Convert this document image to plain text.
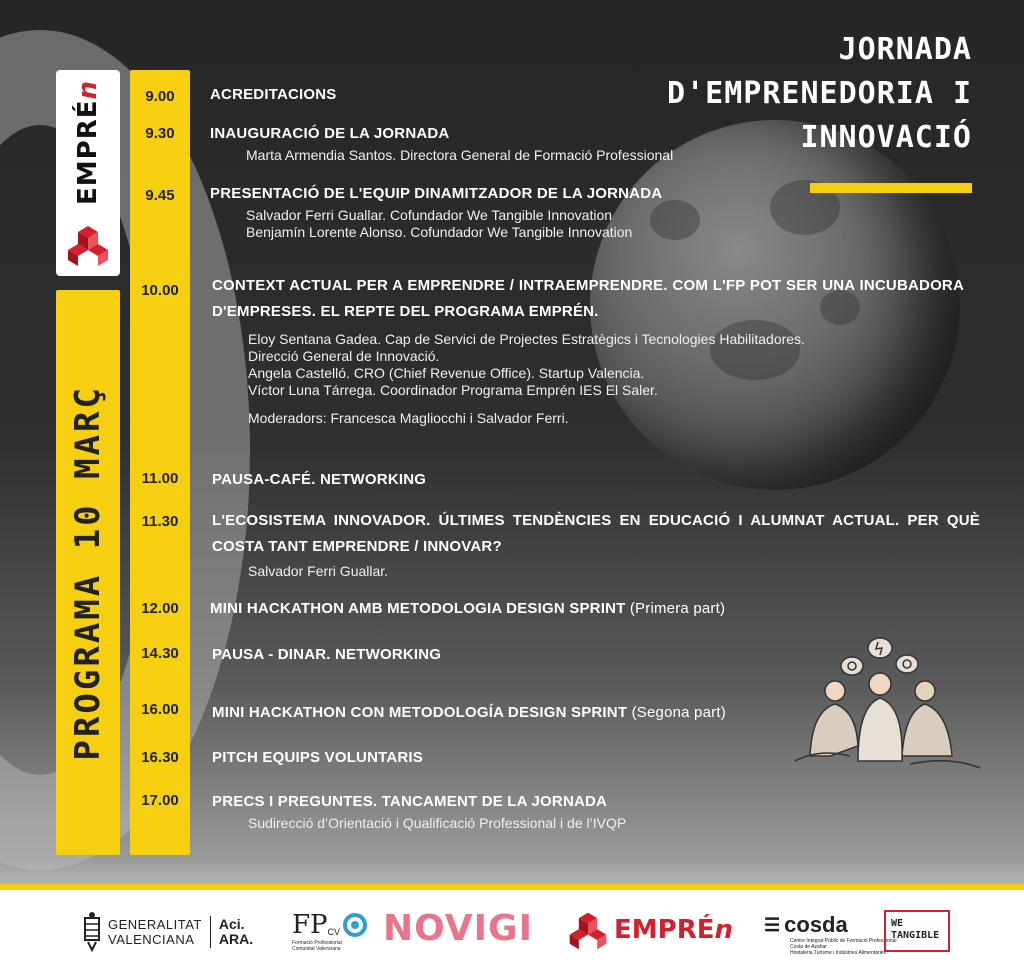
JORNADA
D'EMPRENEDORIA I
INNOVACIÓ
EMPRÉn
PROGRAMA 10 MARÇ
9.00
9.30
9.45
10.00
11.00
11.30
12.00
14.30
16.00
16.30
17.00
ACREDITACIONS
INAUGURACIÓ DE LA JORNADA
Marta Armendia Santos. Directora General de Formació Professional
PRESENTACIÓ DE L'EQUIP DINAMITZADOR DE LA JORNADA
Salvador Ferri Guallar. Cofundador We Tangible Innovation
Benjamín Lorente Alonso. Cofundador We Tangible Innovation
CONTEXT ACTUAL PER A EMPRENDRE / INTRAEMPRENDRE. COM L'FP POT SER UNA INCUBADORA D'EMPRESES. EL REPTE DEL PROGRAMA EMPRÉN.
Eloy Sentana Gadea. Cap de Servici de Projectes Estratègics i Tecnologies Habilitadores.
Direcció General de Innovació.
Angela Castelló. CRO (Chief Revenue Office). Startup Valencia.
Víctor Luna Tárrega. Coordinador Programa Emprén IES El Saler.
Moderadors: Francesca Magliocchi i Salvador Ferri.
PAUSA-CAFÉ. NETWORKING
L'ECOSISTEMA INNOVADOR. ÚLTIMES TENDÈNCIES EN EDUCACIÓ I ALUMNAT ACTUAL. PER QUÈ COSTA TANT EMPRENDRE / INNOVAR?
Salvador Ferri Guallar.
MINI HACKATHON AMB METODOLOGIA DESIGN SPRINT (Primera part)
PAUSA - DINAR. NETWORKING
MINI HACKATHON CON METODOLOGÍA DESIGN SPRINT (Segona part)
PITCH EQUIPS VOLUNTARIS
PRECS I PREGUNTES. TANCAMENT DE LA JORNADA
Sudirecció d’Orientació i Qualificació Professional i de l’IVQP
GENERALITAT
VALENCIANA
Aci.
ARA. FP CV
Formació Professional
Comunitat Valenciana	NOVIGI	EMPRÉn ☰ cosda
Centre Integrat Públic de Formació Professional
Costa de Azahar
Hostaleria,Turisme i Indústries Alimentàries
WE
TANGIBLE
